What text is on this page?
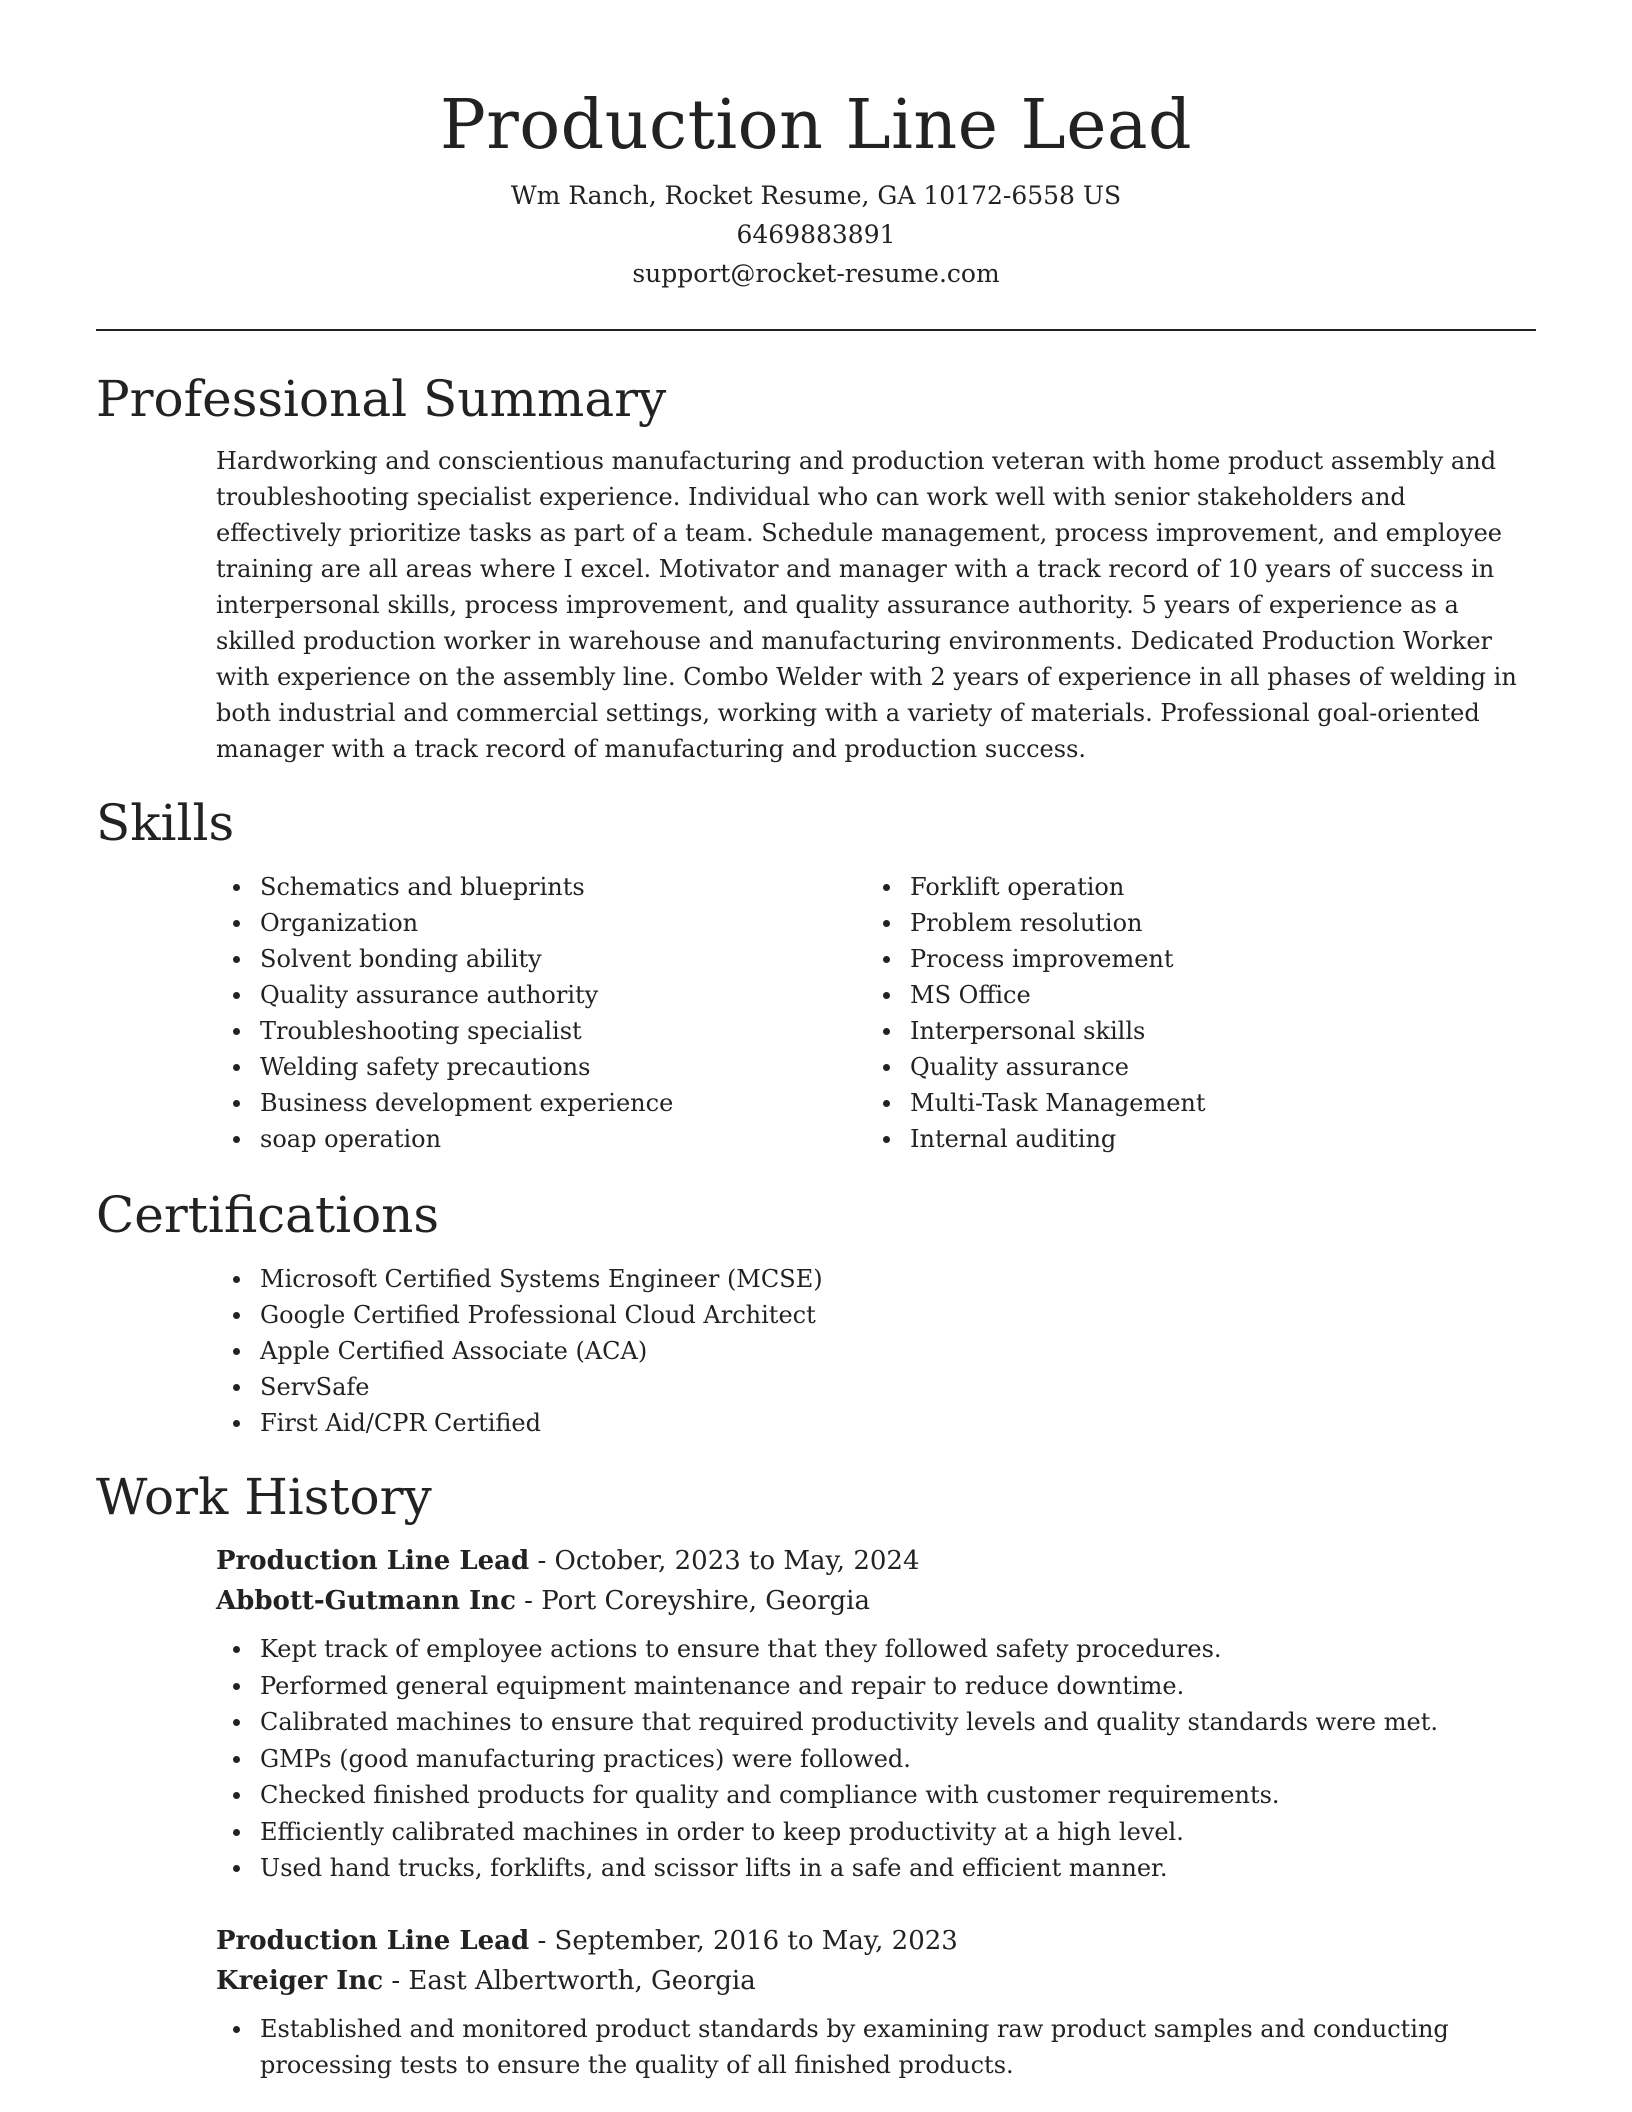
Production Line Lead
Wm Ranch, Rocket Resume, GA 10172-6558 US
6469883891
support@rocket-resume.com
Professional Summary

Hardworking and conscientious manufacturing and production veteran with home product assembly and troubleshooting specialist experience. Individual who can work well with senior stakeholders and effectively prioritize tasks as part of a team. Schedule management, process improvement, and employee training are all areas where I excel. Motivator and manager with a track record of 10 years of success in interpersonal skills, process improvement, and quality assurance authority. 5 years of experience as a skilled production worker in warehouse and manufacturing environments. Dedicated Production Worker with experience on the assembly line. Combo Welder with 2 years of experience in all phases of welding in both industrial and commercial settings, working with a variety of materials. Professional goal-oriented manager with a track record of manufacturing and production success.

Skills
Schematics and blueprints
Organization
Solvent bonding ability
Quality assurance authority
Troubleshooting specialist
Welding safety precautions
Business development experience
soap operation
Forklift operation
Problem resolution
Process improvement
MS Office
Interpersonal skills
Quality assurance
Multi-Task Management
Internal auditing
Certifications
Microsoft Certified Systems Engineer (MCSE)
Google Certified Professional Cloud Architect
Apple Certified Associate (ACA)
ServSafe
First Aid/CPR Certified
Work History
Production Line Lead - October, 2023 to May, 2024
Abbott-Gutmann Inc - Port Coreyshire, Georgia
Kept track of employee actions to ensure that they followed safety procedures.
Performed general equipment maintenance and repair to reduce downtime.
Calibrated machines to ensure that required productivity levels and quality standards were met.
GMPs (good manufacturing practices) were followed.
Checked finished products for quality and compliance with customer requirements.
Efficiently calibrated machines in order to keep productivity at a high level.
Used hand trucks, forklifts, and scissor lifts in a safe and efficient manner.
Production Line Lead - September, 2016 to May, 2023
Kreiger Inc - East Albertworth, Georgia
Established and monitored product standards by examining raw product samples and conducting processing tests to ensure the quality of all finished products.
